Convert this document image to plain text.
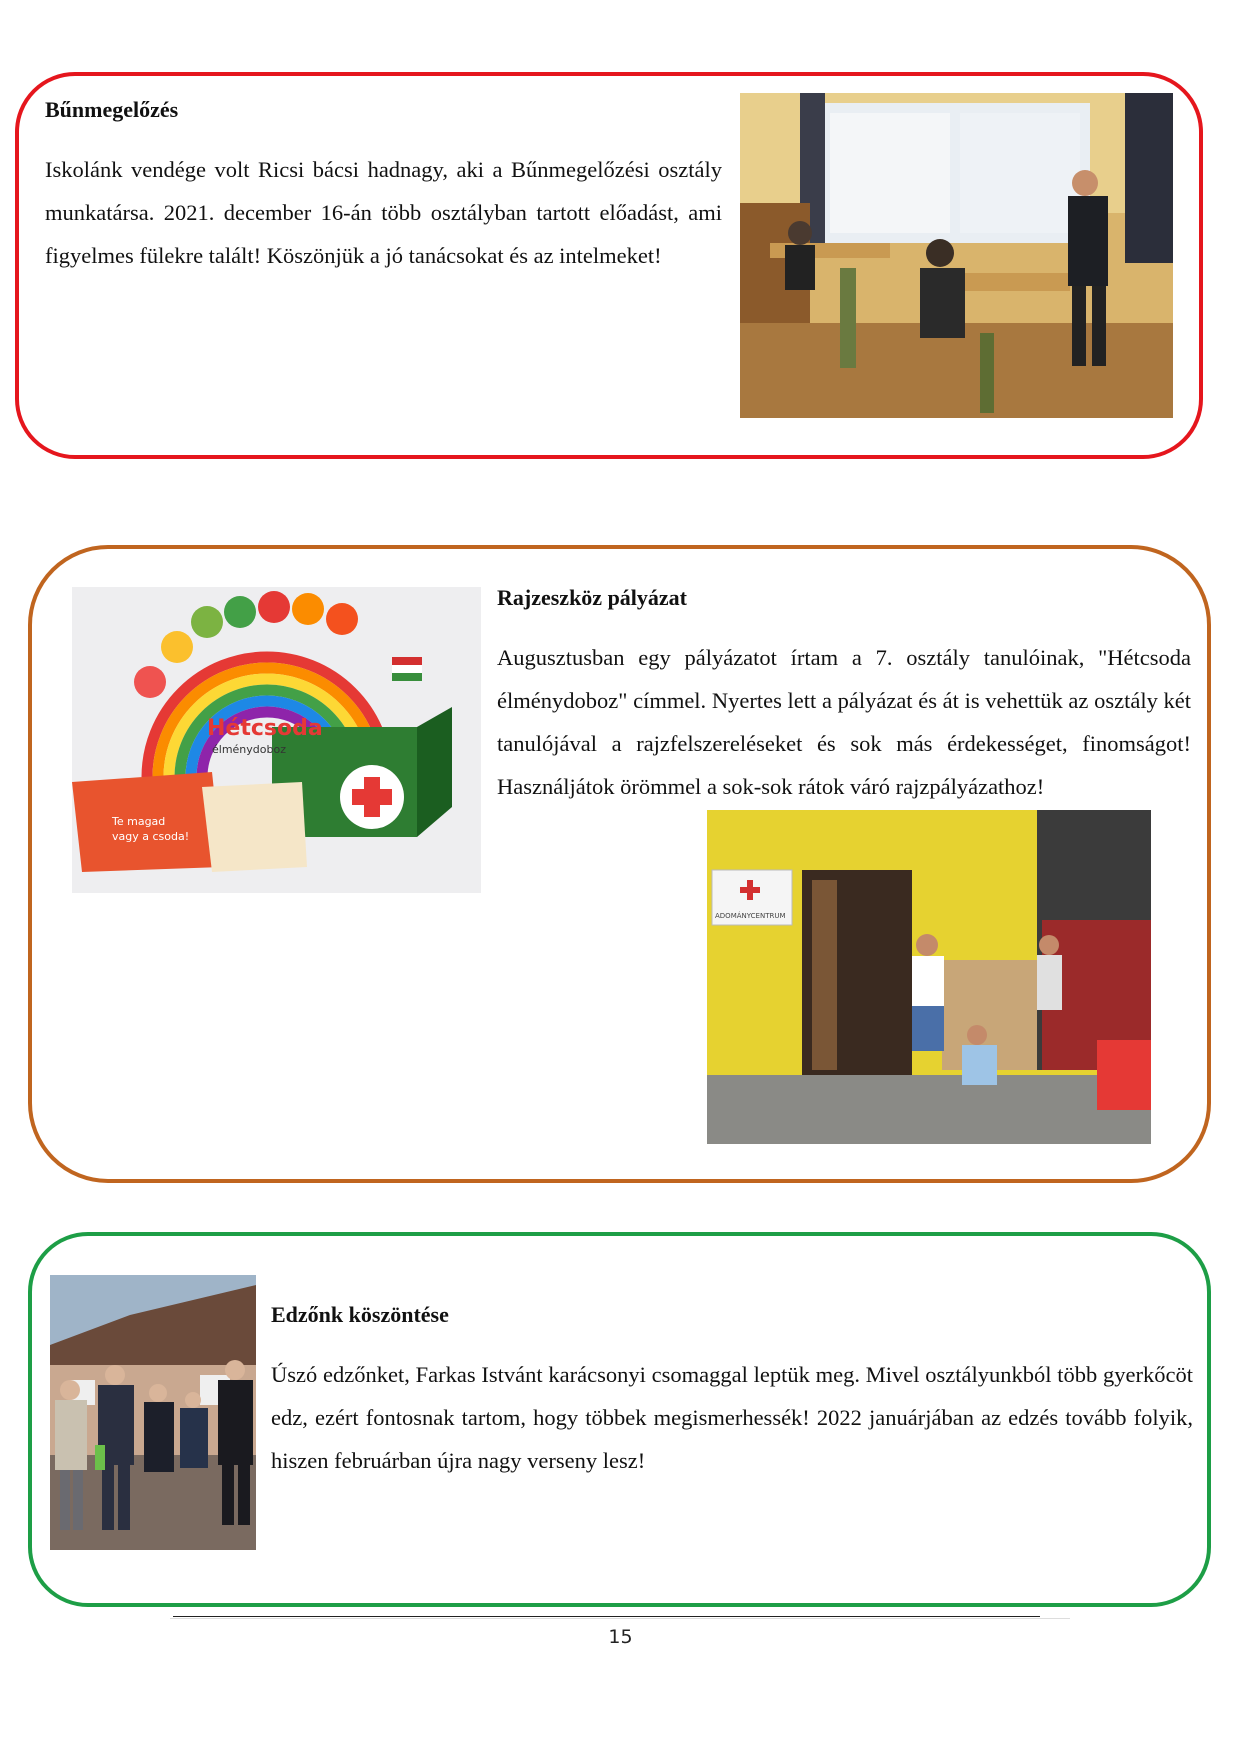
Bűnmegelőzés
Iskolánk vendége volt Ricsi bácsi hadnagy, aki a Bűnmegelőzési osztály munkatársa. 2021. december 16-án több osztályban tartott előadást, ami figyelmes fülekre talált! Köszönjük a jó tanácsokat és az intelmeket!
Hétcsoda
élménydoboz
Te magad
vagy a csoda!
Rajzeszköz pályázat
Augusztusban egy pályázatot írtam a 7. osztály tanulóinak, "Hétcsoda élménydoboz" címmel. Nyertes lett a pályázat és át is vehettük az osztály két tanulójával a rajzfelszereléseket és sok más érdekességet, finomságot! Használjátok örömmel a sok-sok rátok váró rajzpályázathoz!
ADOMÁNYCENTRUM
Edzőnk köszöntése
Úszó edzőnket, Farkas Istvánt karácsonyi csomaggal leptük meg. Mivel osztályunkból több gyerkőcöt edz, ezért fontosnak tartom, hogy többek megismerhessék! 2022 januárjában az edzés tovább folyik, hiszen februárban újra nagy verseny lesz!
15
